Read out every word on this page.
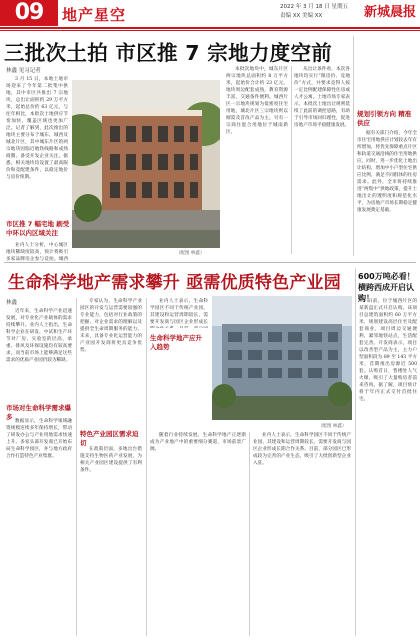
09	地产星空	2022 年 3 月 18 日 星期五
责编 XX 美编 XX	新城晨报
三批次土拍 市区推 7 宗地力度空前
林鑫 见习记者
3 月 15 日，本地土地市场迎来了今年第二批集中供地，其中市区共推出 7 宗地块，总出让面积约 29 万平方米，起始总价约 63 亿元。与往年相比，本批次土地供应节奏加快，覆盖区域也更加广泛。记者了解到，此次推出的地块主要分布于城东、城西及城北片区，其中城东片区的两宗地块因临近地铁线路和成熟商圈，备受开发企业关注。据悉，相关地块均设置了最高限价和竞配建条件，以稳定地价与房价预期。
市区推 7 幅宅地 刷受中环以内区域关注
业内人士分析，中心城区地块稀缺度较高，预计将吸引多家品牌房企参与竞拍。城西
（配图 林鑫）
本批次地块中，城东片区两宗地块总面积约 8 万平方米，起始价合计约 23 亿元。地块周边配套成熟，教育资源丰富，交通条件便利。城西片区一宗地块规划为低密度住宅用地，城北片区三宗地块则以刚需及首改产品为主。另有一宗商住混合用地位于城南新区。
从出让条件看，本次各地块均实行“限房价、竞地价”方式，并要求竞得人按一定比例配建保障性住房或人才公寓。土地市场专家表示，本批次土地出让规则延续了此前的调控思路，有助于引导市场回归理性，促进房地产市场平稳健康发展。
规划引领方向 精准供应
据有关部门介绍，今年全市住宅用地供应计划较去年有所增加，将优先保障重点片区和轨道交通沿线的住宅用地供应。同时，进一步优化土地出让结构，增加中小户型住宅供应比例，满足不同群体的住房需求。此外，全市将持续推进“两集中”供地政策，提升土地出让的透明度和规范化水平，为房地产市场长期稳定健康发展奠定基础。
生命科学地产需求攀升 亟需优质特色产业园
林鑫
近年来，生命科学产业迅速发展，对专业化产业载体的需求持续攀升。业内人士指出，生命科学企业在研发、中试和生产环节对厂房、实验室的层高、承重、排风及环保设施均有较高要求，而当前市场上能够满足这些需求的优质产业园仍较为稀缺。
市场对生命科学需求爆多
数据显示，生命科学领域融资规模连续多年保持增长，带动了研发办公与产业用地需求快速上升。多家头部开发商已开始布局生命科学园区，并与地方政府合作打造特色产业集群。
专家认为，生命科学产业园区的开发与运营需要较强的专业能力，包括对行业政策的把握、对企业需求的理解以及提供全生命周期服务的能力。未来，具备专业化运营能力的产业园开发商将更具竞争优势。
特色产业园区需求迫切
在政策层面，多地出台措施支持生物医药产业发展，为相关产业园区建设提供了有利条件。
业内人士表示，生命科学园区不同于传统产业园，其建设和运营周期较长，需要开发商与园区企业形成长
（配图 林鑫）
生命科学地产应升入趋势
随着行业持续发展，生命科学地产正逐渐成为产业地产中的重要细分赛道，市场前景广阔。
业内人士表示，生命科学园区不同于传统产业园，其建设和运营周期较长，需要开发商与园区企业形成长期合作关系。目前，部分园区已形成较为完善的产业生态，吸引了大批创新型企业入驻。
600万吨必看！横跨西成开启认购！
日前，位于城西片区的某新盘正式开启认购。该项目总建筑面积约 60 万平方米，规划建设高层住宅及配套商业，项目周边交通便利，紧邻地铁站点，生活配套完善。开发商表示，项目以改善型产品为主，主力户型面积段为 89 至 143 平方米，首期推出房源近 500 套。认购首日，售楼处人气火爆，吸引了大量购房者前来咨询。据了解，项目预计将于年内正式交付首批住宅。
